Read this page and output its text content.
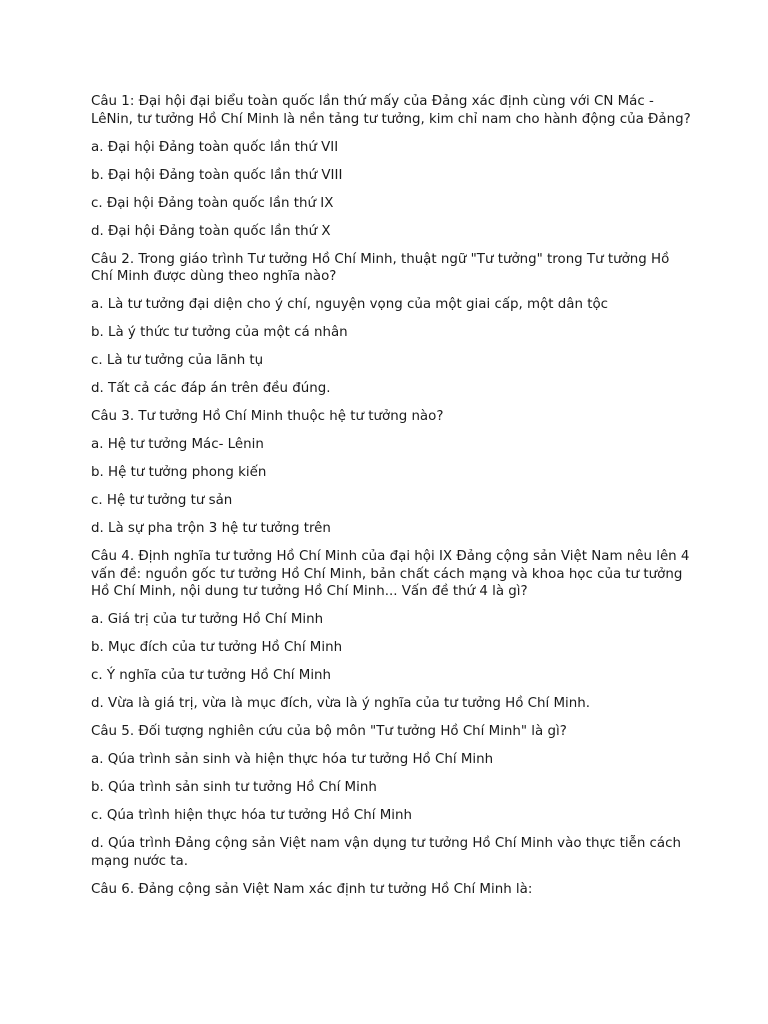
Câu 1: Đại hội đại biểu toàn quốc lần thứ mấy của Đảng xác định cùng với CN Mác - LêNin, tư tưởng Hồ Chí Minh là nền tảng tư tưởng, kim chỉ nam cho hành động của Đảng?

a. Đại hội Đảng toàn quốc lần thứ VII

b. Đại hội Đảng toàn quốc lần thứ VIII

c. Đại hội Đảng toàn quốc lần thứ IX

d. Đại hội Đảng toàn quốc lần thứ X

Câu 2. Trong giáo trình Tư tưởng Hồ Chí Minh, thuật ngữ "Tư tưởng" trong Tư tưởng Hồ Chí Minh được dùng theo nghĩa nào?

a. Là tư tưởng đại diện cho ý chí, nguyện vọng của một giai cấp, một dân tộc

b. Là ý thức tư tưởng của một cá nhân

c. Là tư tưởng của lãnh tụ

d. Tất cả các đáp án trên đều đúng.

Câu 3. Tư tưởng Hồ Chí Minh thuộc hệ tư tưởng nào?

a. Hệ tư tưởng Mác- Lênin

b. Hệ tư tưởng phong kiến

c. Hệ tư tưởng tư sản

d. Là sự pha trộn 3 hệ tư tưởng trên

Câu 4. Định nghĩa tư tưởng Hồ Chí Minh của đại hội IX Đảng cộng sản Việt Nam nêu lên 4 vấn đề: nguồn gốc tư tưởng Hồ Chí Minh, bản chất cách mạng và khoa học của tư tưởng Hồ Chí Minh, nội dung tư tưởng Hồ Chí Minh... Vấn đề thứ 4 là gì?

a. Giá trị của tư tưởng Hồ Chí Minh

b. Mục đích của tư tưởng Hồ Chí Minh

c. Ý nghĩa của tư tưởng Hồ Chí Minh

d. Vừa là giá trị, vừa là mục đích, vừa là ý nghĩa của tư tưởng Hồ Chí Minh.

Câu 5. Đối tượng nghiên cứu của bộ môn "Tư tưởng Hồ Chí Minh" là gì?

a. Qúa trình sản sinh và hiện thực hóa tư tưởng Hồ Chí Minh

b. Qúa trình sản sinh tư tưởng Hồ Chí Minh

c. Qúa trình hiện thực hóa tư tưởng Hồ Chí Minh

d. Qúa trình Đảng cộng sản Việt nam vận dụng tư tưởng Hồ Chí Minh vào thực tiễn cách mạng nước ta.

Câu 6. Đảng cộng sản Việt Nam xác định tư tưởng Hồ Chí Minh là:
